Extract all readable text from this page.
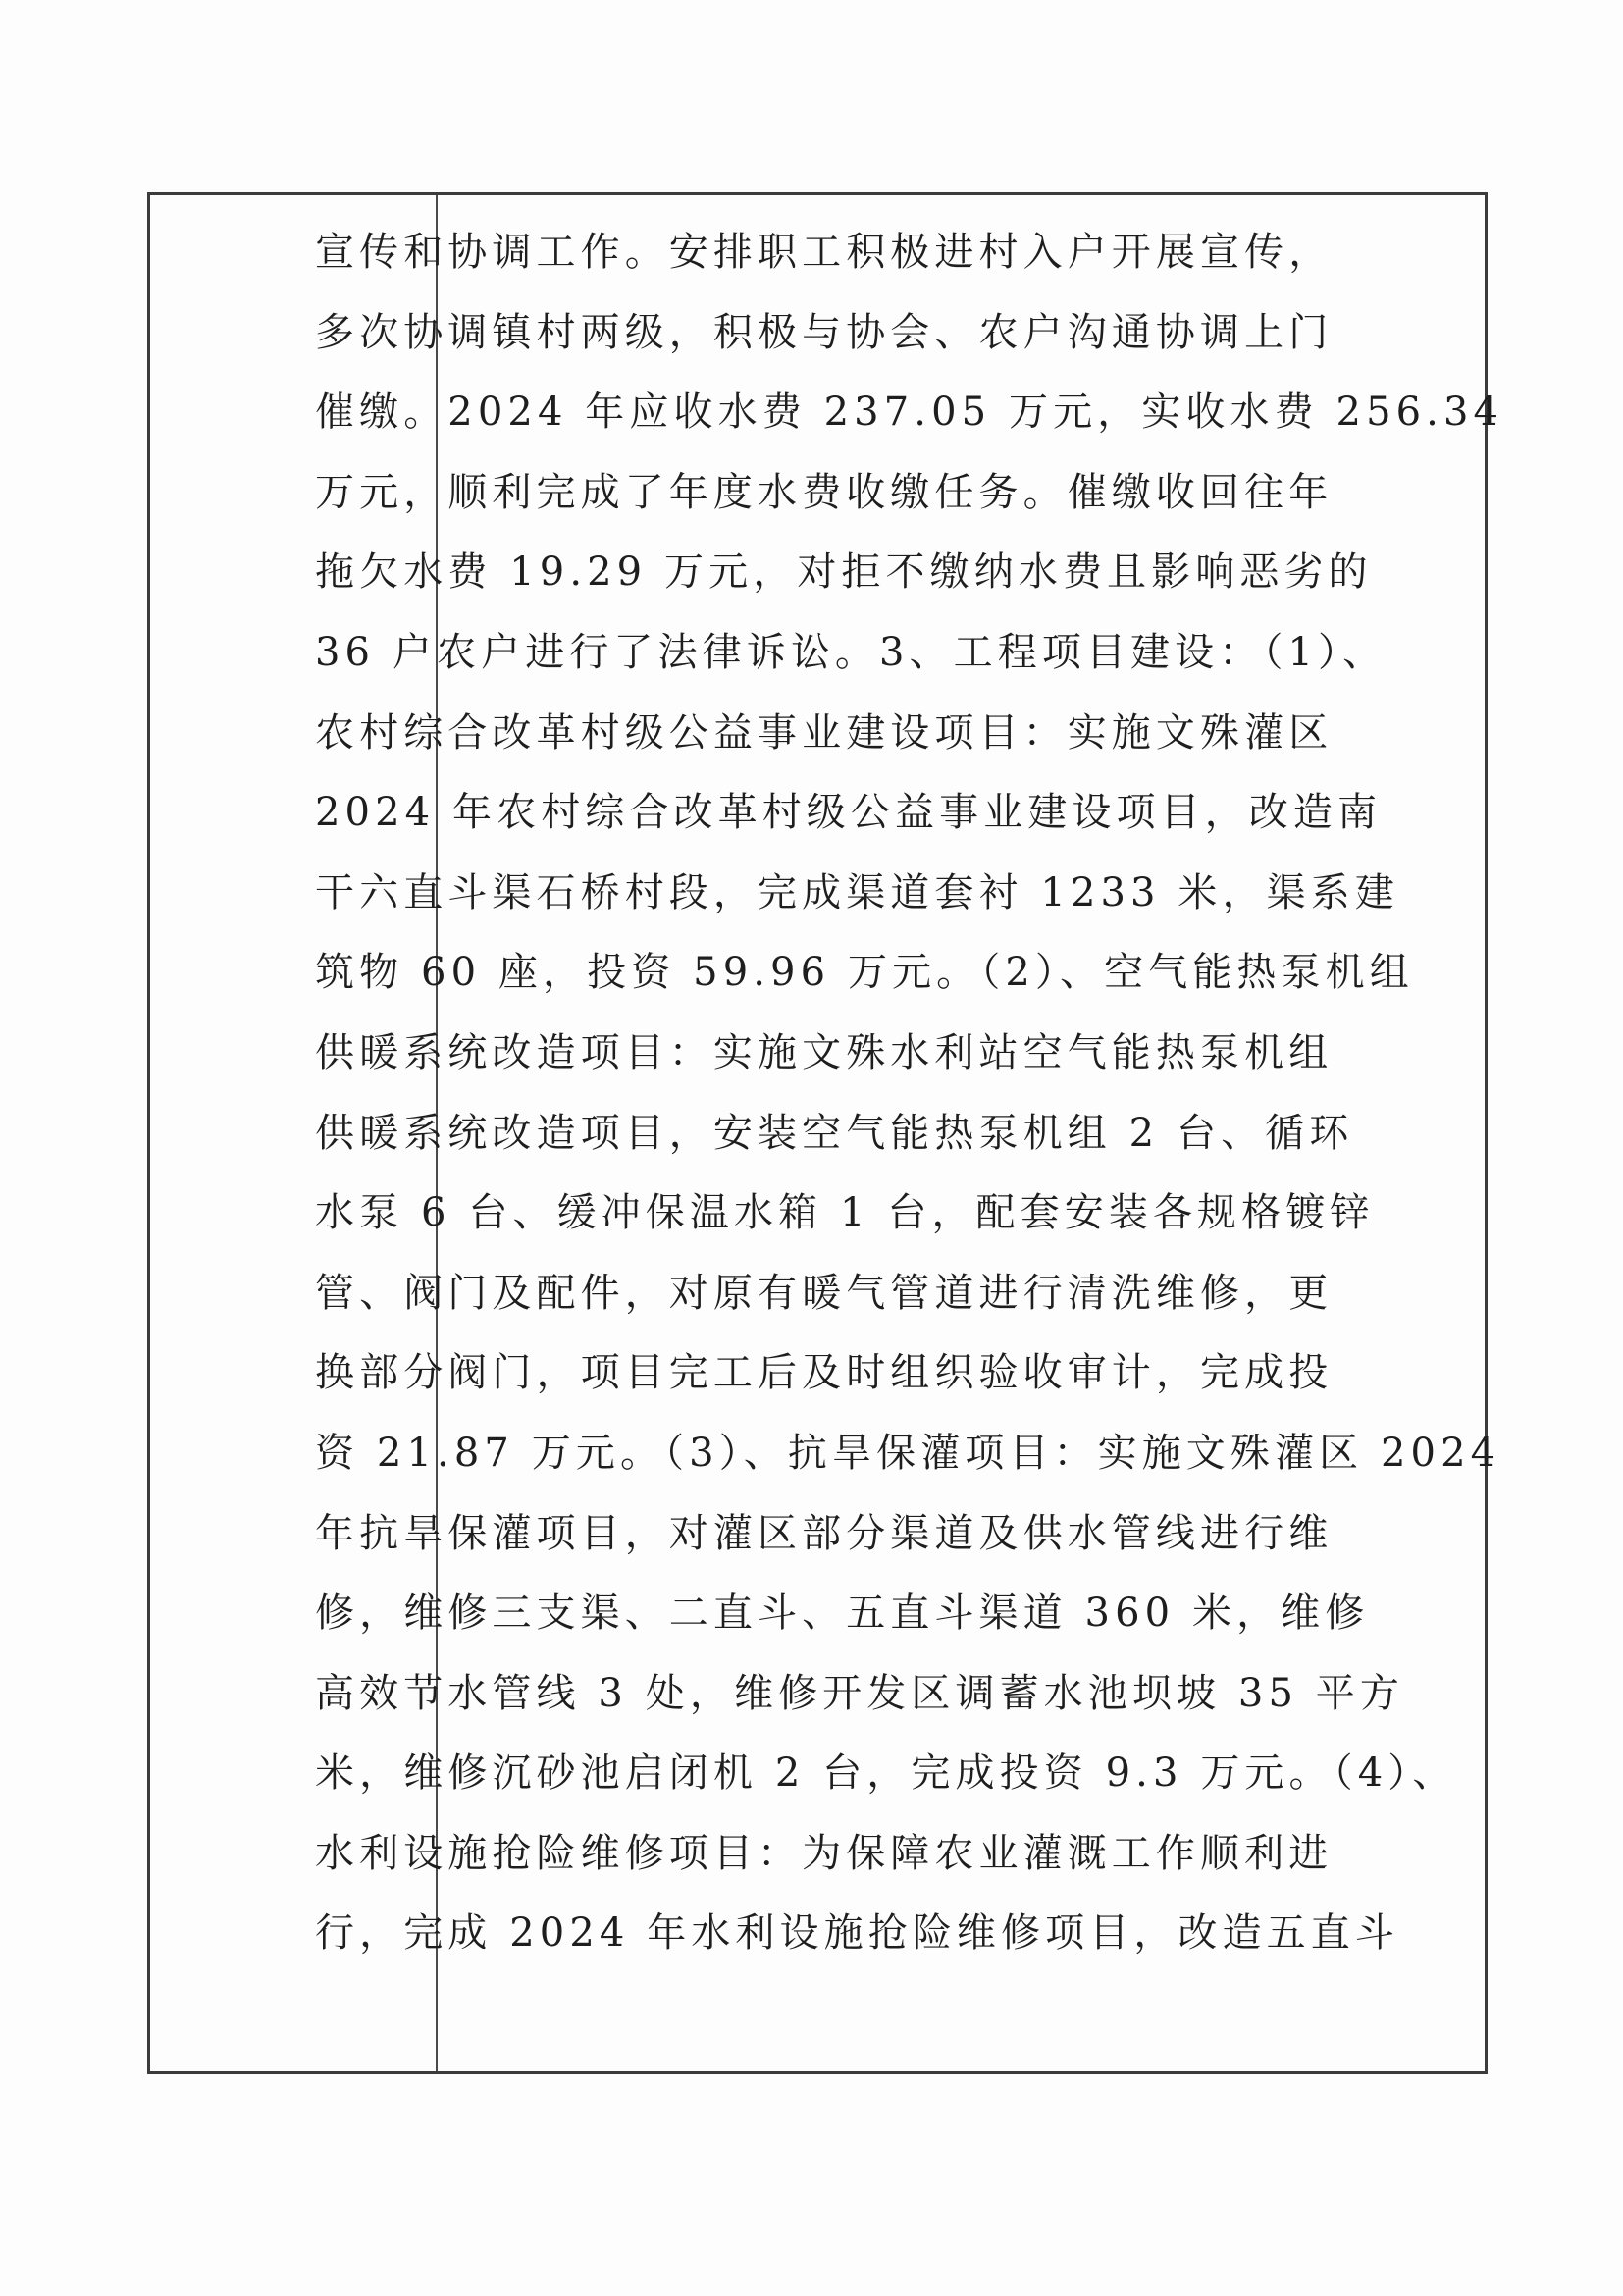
宣传和协调工作。安排职工积极进村入户开展宣传，
多次协调镇村两级，积极与协会、农户沟通协调上门
催缴。2024 年应收水费 237.05 万元，实收水费 256.34
万元，顺利完成了年度水费收缴任务。催缴收回往年
拖欠水费 19.29 万元，对拒不缴纳水费且影响恶劣的
36 户农户进行了法律诉讼。3、工程项目建设：（1）、
农村综合改革村级公益事业建设项目：实施文殊灌区
2024 年农村综合改革村级公益事业建设项目，改造南
干六直斗渠石桥村段，完成渠道套衬 1233 米，渠系建
筑物 60 座，投资 59.96 万元。（2）、空气能热泵机组
供暖系统改造项目：实施文殊水利站空气能热泵机组
供暖系统改造项目，安装空气能热泵机组 2 台、循环
水泵 6 台、缓冲保温水箱 1 台，配套安装各规格镀锌
管、阀门及配件，对原有暖气管道进行清洗维修，更
换部分阀门，项目完工后及时组织验收审计，完成投
资 21.87 万元。（3）、抗旱保灌项目：实施文殊灌区 2024
年抗旱保灌项目，对灌区部分渠道及供水管线进行维
修，维修三支渠、二直斗、五直斗渠道 360 米，维修
高效节水管线 3 处，维修开发区调蓄水池坝坡 35 平方
米，维修沉砂池启闭机 2 台，完成投资 9.3 万元。（4）、
水利设施抢险维修项目：为保障农业灌溉工作顺利进
行，完成 2024 年水利设施抢险维修项目，改造五直斗
